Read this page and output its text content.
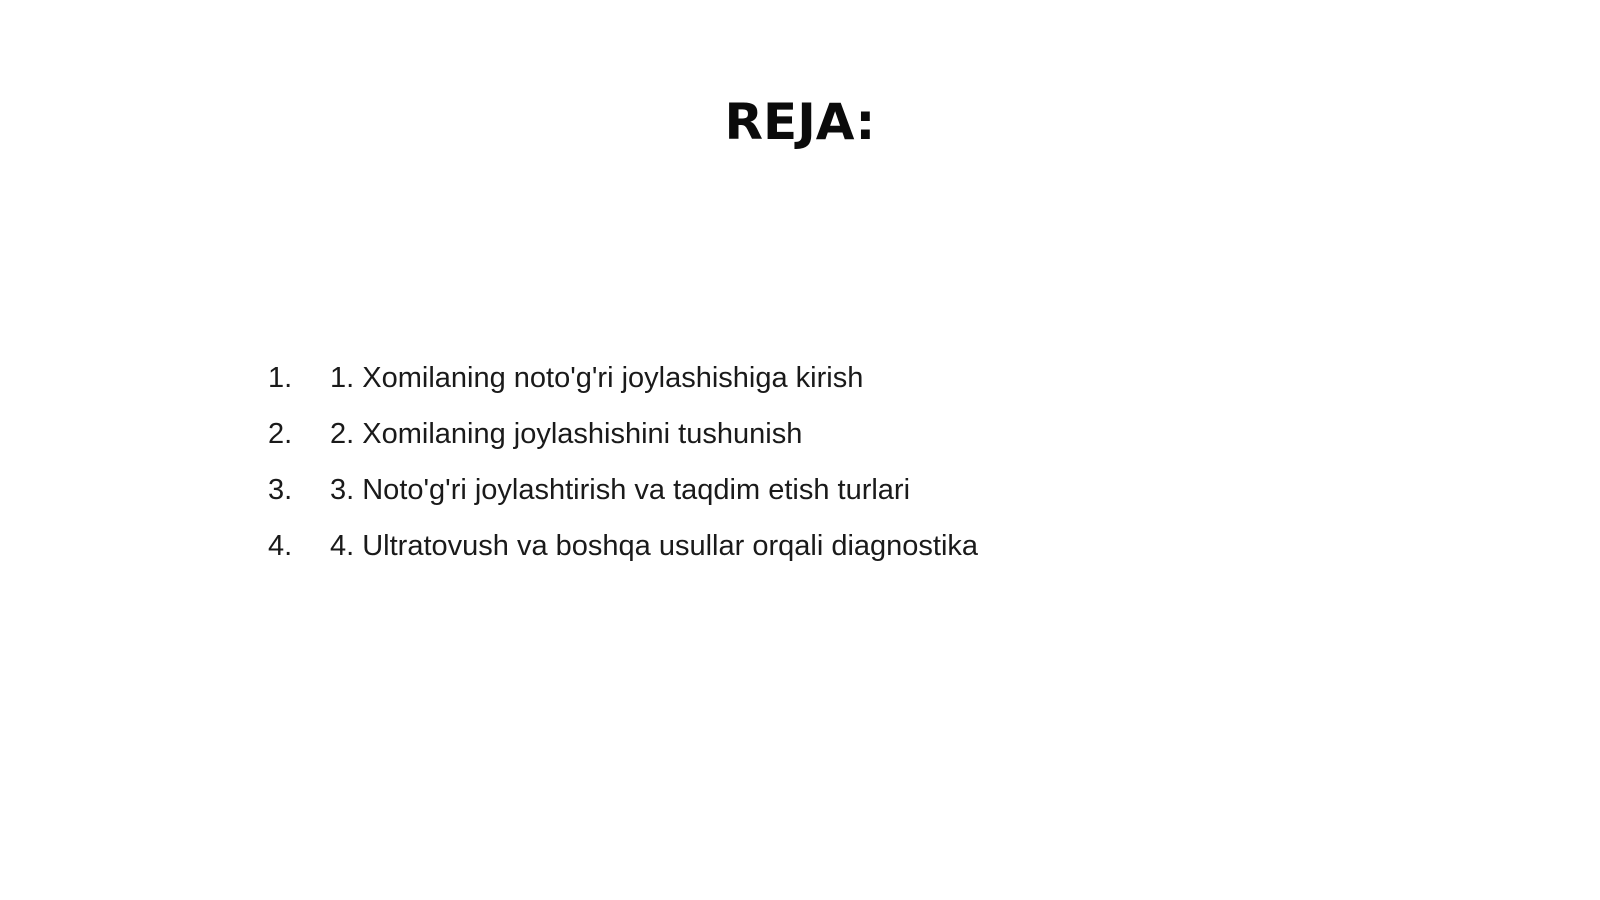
REJA:
1.	1. Xomilaning noto'g'ri joylashishiga kirish
2.	2. Xomilaning joylashishini tushunish
3.	3. Noto'g'ri joylashtirish va taqdim etish turlari
4.	4. Ultratovush va boshqa usullar orqali diagnostika
